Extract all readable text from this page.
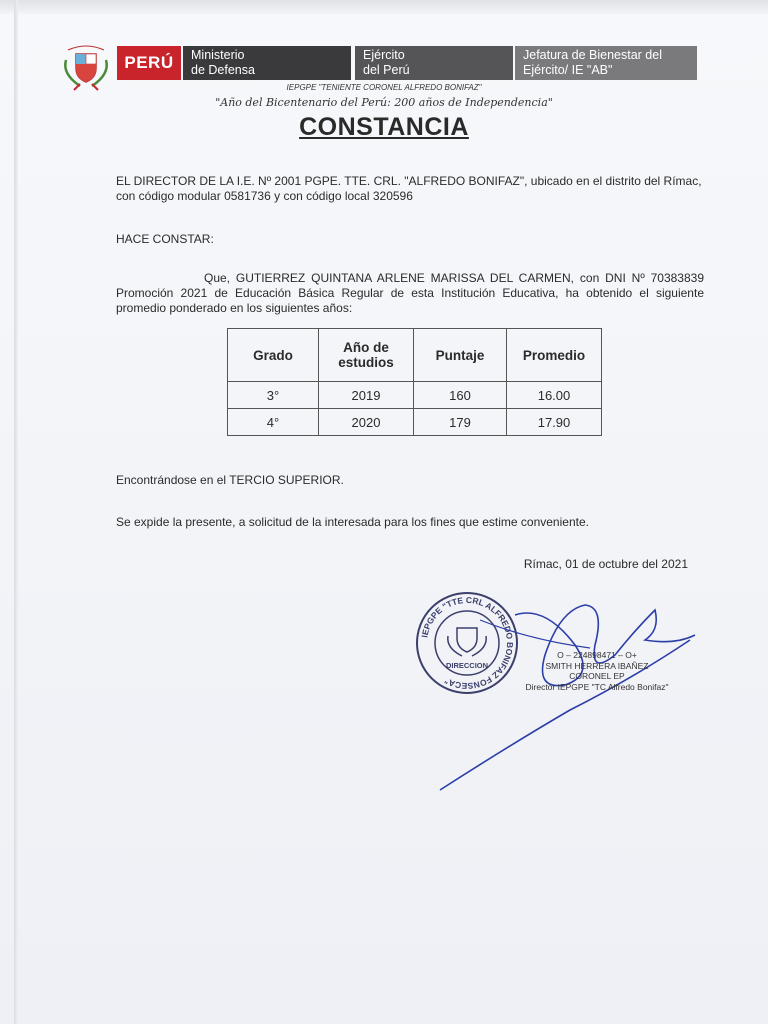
PERÚ	Ministerio
de Defensa
Ejército
del Perú
Jefatura de Bienestar del
Ejército/ IE "AB"
IEPGPE "TENIENTE CORONEL ALFREDO BONIFAZ"
"Año del Bicentenario del Perú: 200 años de Independencia"
CONSTANCIA
EL DIRECTOR DE LA I.E. Nº 2001 PGPE. TTE. CRL. "ALFREDO BONIFAZ", ubicado en el distrito del Rímac, con código modular 0581736 y con código local 320596
HACE CONSTAR:
Que, GUTIERREZ QUINTANA ARLENE MARISSA DEL CARMEN, con DNI Nº 70383839 Promoción 2021 de Educación Básica Regular de esta Institución Educativa, ha obtenido el siguiente promedio ponderado en los siguientes años:
Grado	Año de estudios	Puntaje	Promedio
3°	2019	160	16.00
4°	2020	179	17.90
Encontrándose en el TERCIO SUPERIOR.
Se expide la presente, a solicitud de la interesada para los fines que estime conveniente.
Rímac, 01 de octubre del 2021
IEPGPE "TTE CRL ALFREDO BONIFAZ FONSECA"
DIRECCION
O – 224898471 – O+
SMITH HERRERA IBAÑEZ
CORONEL EP
Director IEPGPE "TC Alfredo Bonifaz"
